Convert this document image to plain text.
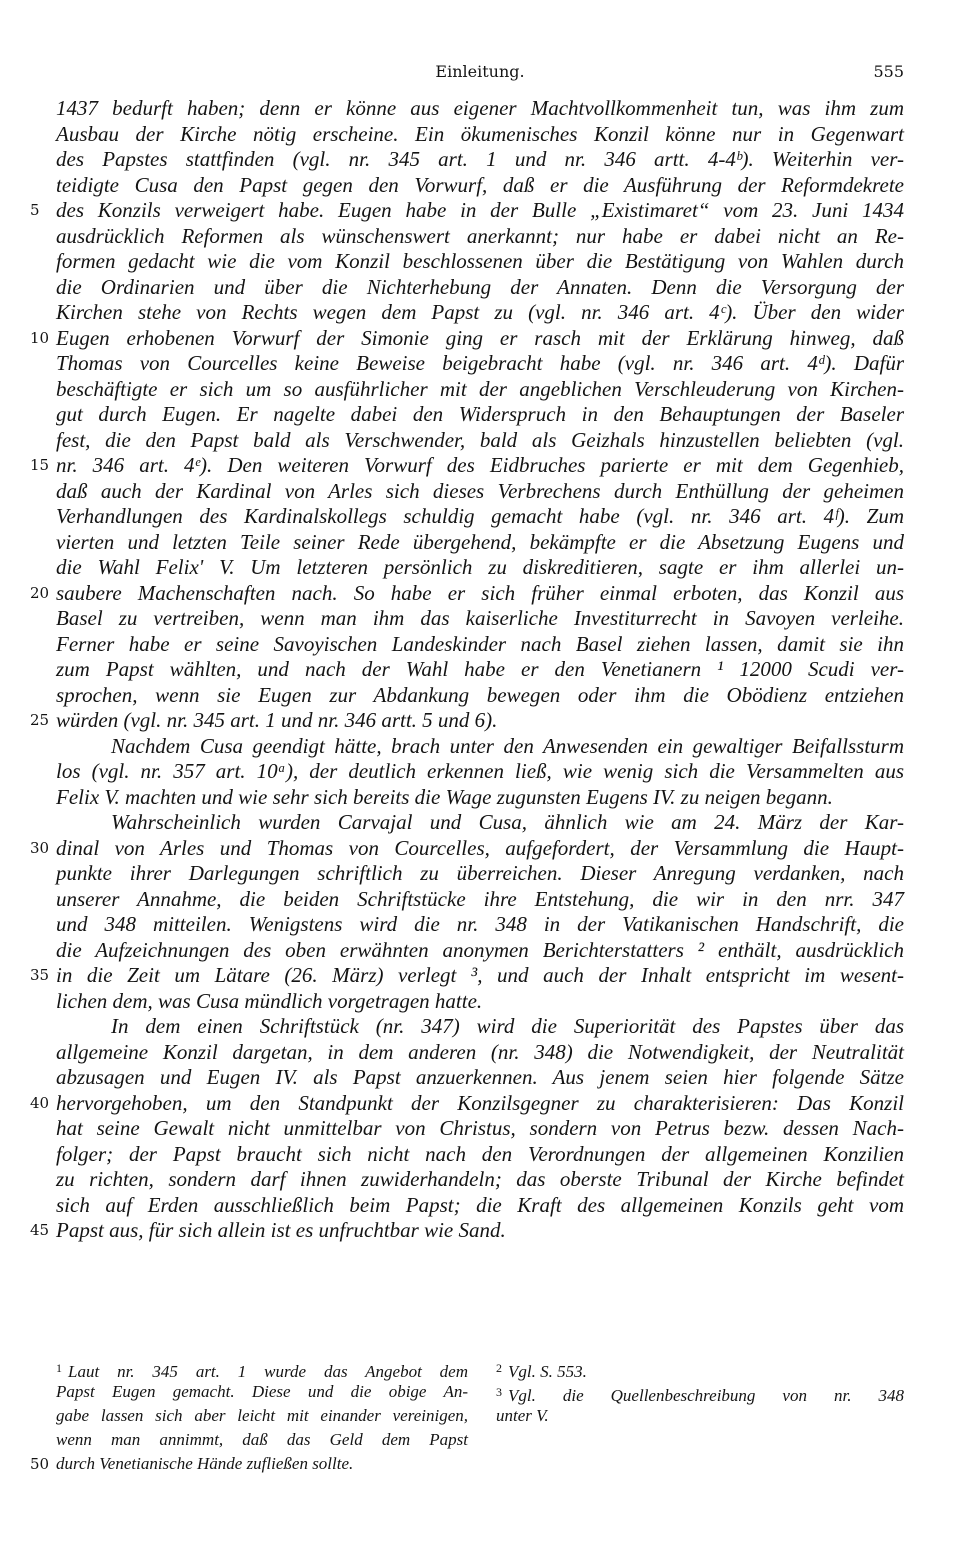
Einleitung.	555
1437 bedurft haben; denn er könne aus eigener Machtvollkommenheit tun, was ihm zum
Ausbau der Kirche nötig erscheine. Ein ökumenisches Konzil könne nur in Gegenwart
des Papstes stattfinden (vgl. nr. 345 art. 1 und nr. 346 artt. 4-4ᵇ). Weiterhin ver-
teidigte Cusa den Papst gegen den Vorwurf, daß er die Ausführung der Reformdekrete
5 des Konzils verweigert habe. Eugen habe in der Bulle „Existimaret“ vom 23. Juni 1434
ausdrücklich Reformen als wünschenswert anerkannt; nur habe er dabei nicht an Re-
formen gedacht wie die vom Konzil beschlossenen über die Bestätigung von Wahlen durch
die Ordinarien und über die Nichterhebung der Annaten. Denn die Versorgung der
Kirchen stehe von Rechts wegen dem Papst zu (vgl. nr. 346 art. 4ᶜ). Über den wider
10 Eugen erhobenen Vorwurf der Simonie ging er rasch mit der Erklärung hinweg, daß
Thomas von Courcelles keine Beweise beigebracht habe (vgl. nr. 346 art. 4ᵈ). Dafür
beschäftigte er sich um so ausführlicher mit der angeblichen Verschleuderung von Kirchen-
gut durch Eugen. Er nagelte dabei den Widerspruch in den Behauptungen der Baseler
fest, die den Papst bald als Verschwender, bald als Geizhals hinzustellen beliebten (vgl.
15 nr. 346 art. 4ᵉ). Den weiteren Vorwurf des Eidbruches parierte er mit dem Gegenhieb,
daß auch der Kardinal von Arles sich dieses Verbrechens durch Enthüllung der geheimen
Verhandlungen des Kardinalskollegs schuldig gemacht habe (vgl. nr. 346 art. 4ᶠ). Zum
vierten und letzten Teile seiner Rede übergehend, bekämpfte er die Absetzung Eugens und
die Wahl Felix' V. Um letzteren persönlich zu diskreditieren, sagte er ihm allerlei un-
20 saubere Machenschaften nach. So habe er sich früher einmal erboten, das Konzil aus
Basel zu vertreiben, wenn man ihm das kaiserliche Investiturrecht in Savoyen verleihe.
Ferner habe er seine Savoyischen Landeskinder nach Basel ziehen lassen, damit sie ihn
zum Papst wählten, und nach der Wahl habe er den Venetianern ¹ 12000 Scudi ver-
sprochen, wenn sie Eugen zur Abdankung bewegen oder ihm die Obödienz entziehen
25 würden (vgl. nr. 345 art. 1 und nr. 346 artt. 5 und 6).
Nachdem Cusa geendigt hätte, brach unter den Anwesenden ein gewaltiger Beifallssturm
los (vgl. nr. 357 art. 10ᵃ), der deutlich erkennen ließ, wie wenig sich die Versammelten aus
Felix V. machten und wie sehr sich bereits die Wage zugunsten Eugens IV. zu neigen begann.
Wahrscheinlich wurden Carvajal und Cusa, ähnlich wie am 24. März der Kar-
30 dinal von Arles und Thomas von Courcelles, aufgefordert, der Versammlung die Haupt-
punkte ihrer Darlegungen schriftlich zu überreichen. Dieser Anregung verdanken, nach
unserer Annahme, die beiden Schriftstücke ihre Entstehung, die wir in den nrr. 347
und 348 mitteilen. Wenigstens wird die nr. 348 in der Vatikanischen Handschrift, die
die Aufzeichnungen des oben erwähnten anonymen Berichterstatters ² enthält, ausdrücklich
35 in die Zeit um Lätare (26. März) verlegt ³, und auch der Inhalt entspricht im wesent-
lichen dem, was Cusa mündlich vorgetragen hatte.
In dem einen Schriftstück (nr. 347) wird die Superiorität des Papstes über das
allgemeine Konzil dargetan, in dem anderen (nr. 348) die Notwendigkeit, der Neutralität
abzusagen und Eugen IV. als Papst anzuerkennen. Aus jenem seien hier folgende Sätze
40 hervorgehoben, um den Standpunkt der Konzilsgegner zu charakterisieren: Das Konzil
hat seine Gewalt nicht unmittelbar von Christus, sondern von Petrus bezw. dessen Nach-
folger; der Papst braucht sich nicht nach den Verordnungen der allgemeinen Konzilien
zu richten, sondern darf ihnen zuwiderhandeln; das oberste Tribunal der Kirche befindet
sich auf Erden ausschließlich beim Papst; die Kraft des allgemeinen Konzils geht vom
45 Papst aus, für sich allein ist es unfruchtbar wie Sand.
$^1$ Laut nr. 345 art. 1 wurde das Angebot dem
Papst Eugen gemacht. Diese und die obige An-
gabe lassen sich aber leicht mit einander vereinigen,
wenn man annimmt, daß das Geld dem Papst
50 durch Venetianische Hände zufließen sollte.
$^2$ Vgl. S. 553.
$^3$ Vgl. die Quellenbeschreibung von nr. 348
unter V.
